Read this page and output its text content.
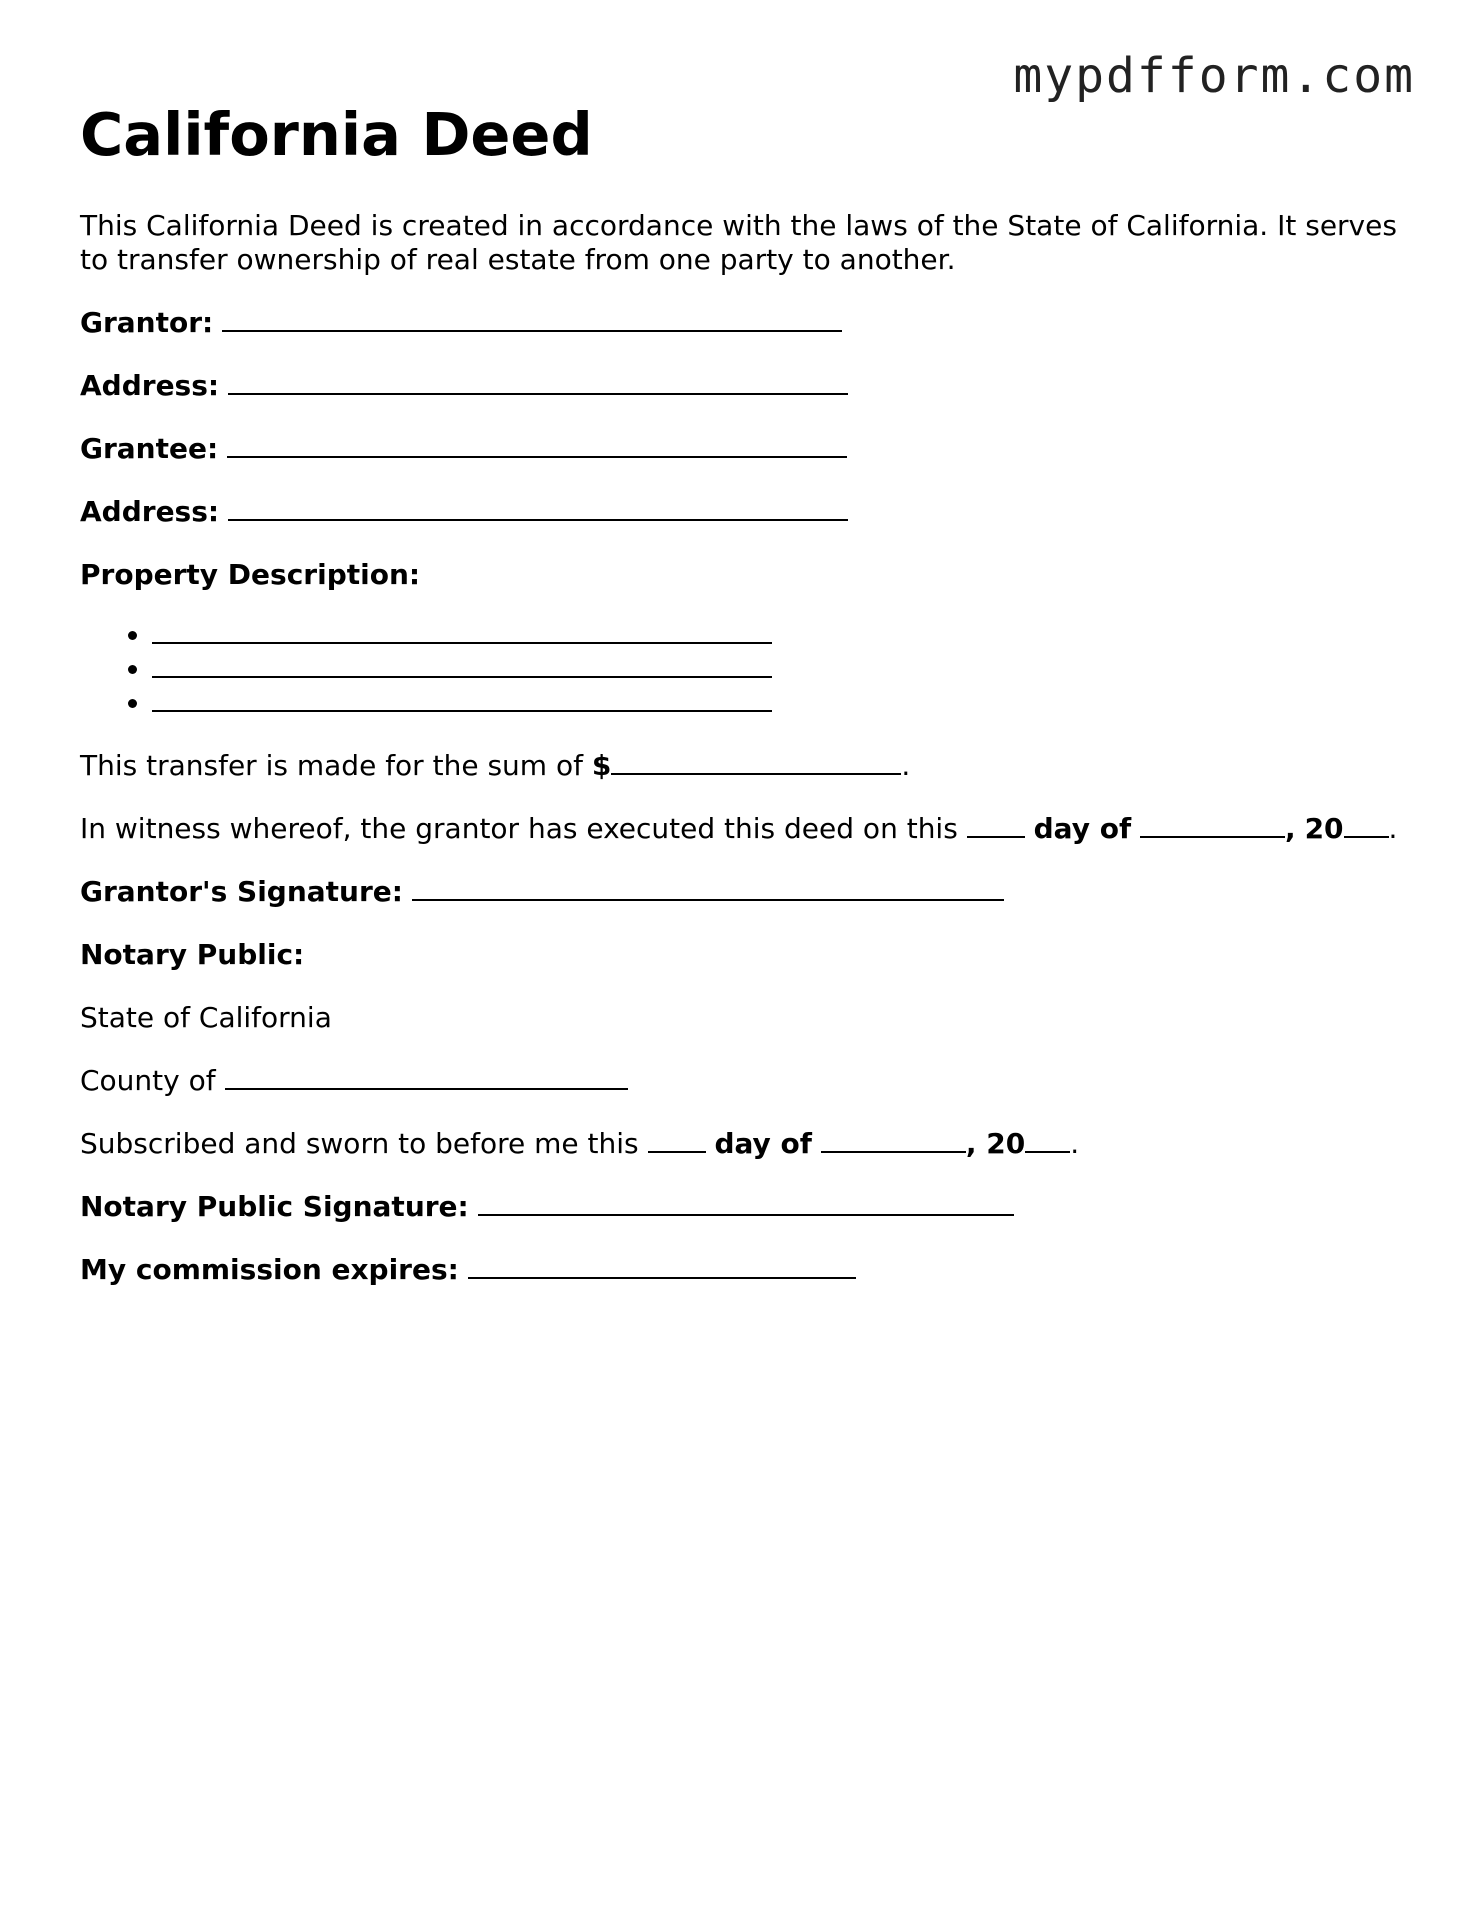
mypdfform.com
California Deed

This California Deed is created in accordance with the laws of the State of California. It serves to transfer ownership of real estate from one party to another.

Grantor:

Address:

Grantee:

Address:

Property Description:

•
•
•

This transfer is made for the sum of $	.

In witness whereof, the grantor has executed this deed on this	day of	, 20 .

Grantor's Signature:

Notary Public:

State of California

County of

Subscribed and sworn to before me this	day of	, 20 .

Notary Public Signature:

My commission expires:
